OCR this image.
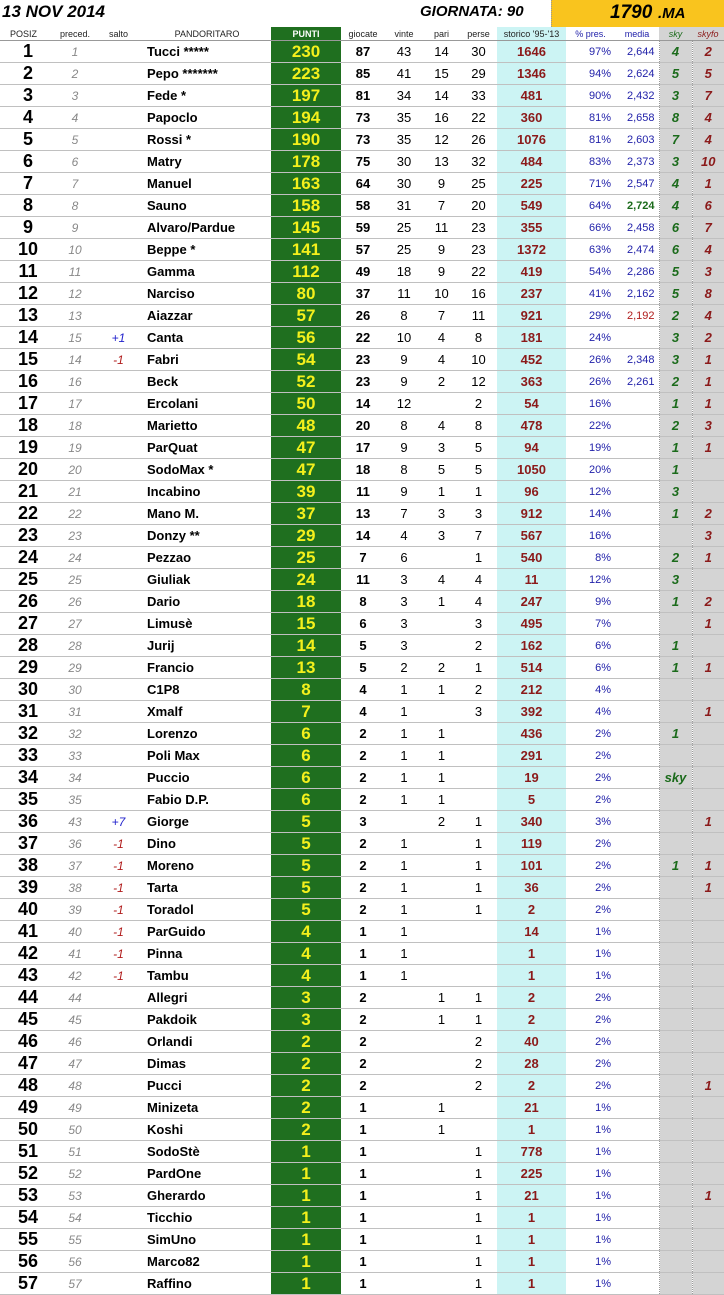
13 NOV 2014	GIORNATA: 90	1790 .MA
POSIZ	preced.	salto	PANDORITARO	PUNTI	giocate	vinte	pari	perse	storico '95-'13	% pres.	media	sky	skyfo
1	1		Tucci *****	230	87	43	14	30	1646	97%	2,644	4	2
2	2		Pepo *******	223	85	41	15	29	1346	94%	2,624	5	5
3	3		Fede *	197	81	34	14	33	481	90%	2,432	3	7
4	4		Papoclo	194	73	35	16	22	360	81%	2,658	8	4
5	5		Rossi *	190	73	35	12	26	1076	81%	2,603	7	4
6	6		Matry	178	75	30	13	32	484	83%	2,373	3	10
7	7		Manuel	163	64	30	9	25	225	71%	2,547	4	1
8	8		Sauno	158	58	31	7	20	549	64%	2,724	4	6
9	9		Alvaro/Pardue	145	59	25	11	23	355	66%	2,458	6	7
10	10		Beppe *	141	57	25	9	23	1372	63%	2,474	6	4
11	11		Gamma	112	49	18	9	22	419	54%	2,286	5	3
12	12		Narciso	80	37	11	10	16	237	41%	2,162	5	8
13	13		Aiazzar	57	26	8	7	11	921	29%	2,192	2	4
14	15	+1	Canta	56	22	10	4	8	181	24%		3	2
15	14	-1	Fabri	54	23	9	4	10	452	26%	2,348	3	1
16	16		Beck	52	23	9	2	12	363	26%	2,261	2	1
17	17		Ercolani	50	14	12		2	54	16%		1	1
18	18		Marietto	48	20	8	4	8	478	22%		2	3
19	19		ParQuat	47	17	9	3	5	94	19%		1	1
20	20		SodoMax *	47	18	8	5	5	1050	20%		1	
21	21		Incabino	39	11	9	1	1	96	12%		3	
22	22		Mano M.	37	13	7	3	3	912	14%		1	2
23	23		Donzy **	29	14	4	3	7	567	16%			3
24	24		Pezzao	25	7	6		1	540	8%		2	1
25	25		Giuliak	24	11	3	4	4	11	12%		3	
26	26		Dario	18	8	3	1	4	247	9%		1	2
27	27		Limusè	15	6	3		3	495	7%			1
28	28		Jurij	14	5	3		2	162	6%		1	
29	29		Francio	13	5	2	2	1	514	6%		1	1
30	30		C1P8	8	4	1	1	2	212	4%			
31	31		Xmalf	7	4	1		3	392	4%			1
32	32		Lorenzo	6	2	1	1		436	2%		1	
33	33		Poli Max	6	2	1	1		291	2%			
34	34		Puccio	6	2	1	1		19	2%		sky	
35	35		Fabio D.P.	6	2	1	1		5	2%			
36	43	+7	Giorge	5	3		2	1	340	3%			1
37	36	-1	Dino	5	2	1		1	119	2%			
38	37	-1	Moreno	5	2	1		1	101	2%		1	1
39	38	-1	Tarta	5	2	1		1	36	2%			1
40	39	-1	Toradol	5	2	1		1	2	2%			
41	40	-1	ParGuido	4	1	1			14	1%			
42	41	-1	Pinna	4	1	1			1	1%			
43	42	-1	Tambu	4	1	1			1	1%			
44	44		Allegri	3	2		1	1	2	2%			
45	45		Pakdoik	3	2		1	1	2	2%			
46	46		Orlandi	2	2			2	40	2%			
47	47		Dimas	2	2			2	28	2%			
48	48		Pucci	2	2			2	2	2%			1
49	49		Minizeta	2	1		1		21	1%			
50	50		Koshi	2	1		1		1	1%			
51	51		SodoStè	1	1			1	778	1%			
52	52		PardOne	1	1			1	225	1%			
53	53		Gherardo	1	1			1	21	1%			1
54	54		Ticchio	1	1			1	1	1%			
55	55		SimUno	1	1			1	1	1%			
56	56		Marco82	1	1			1	1	1%			
57	57		Raffino	1	1			1	1	1%			
